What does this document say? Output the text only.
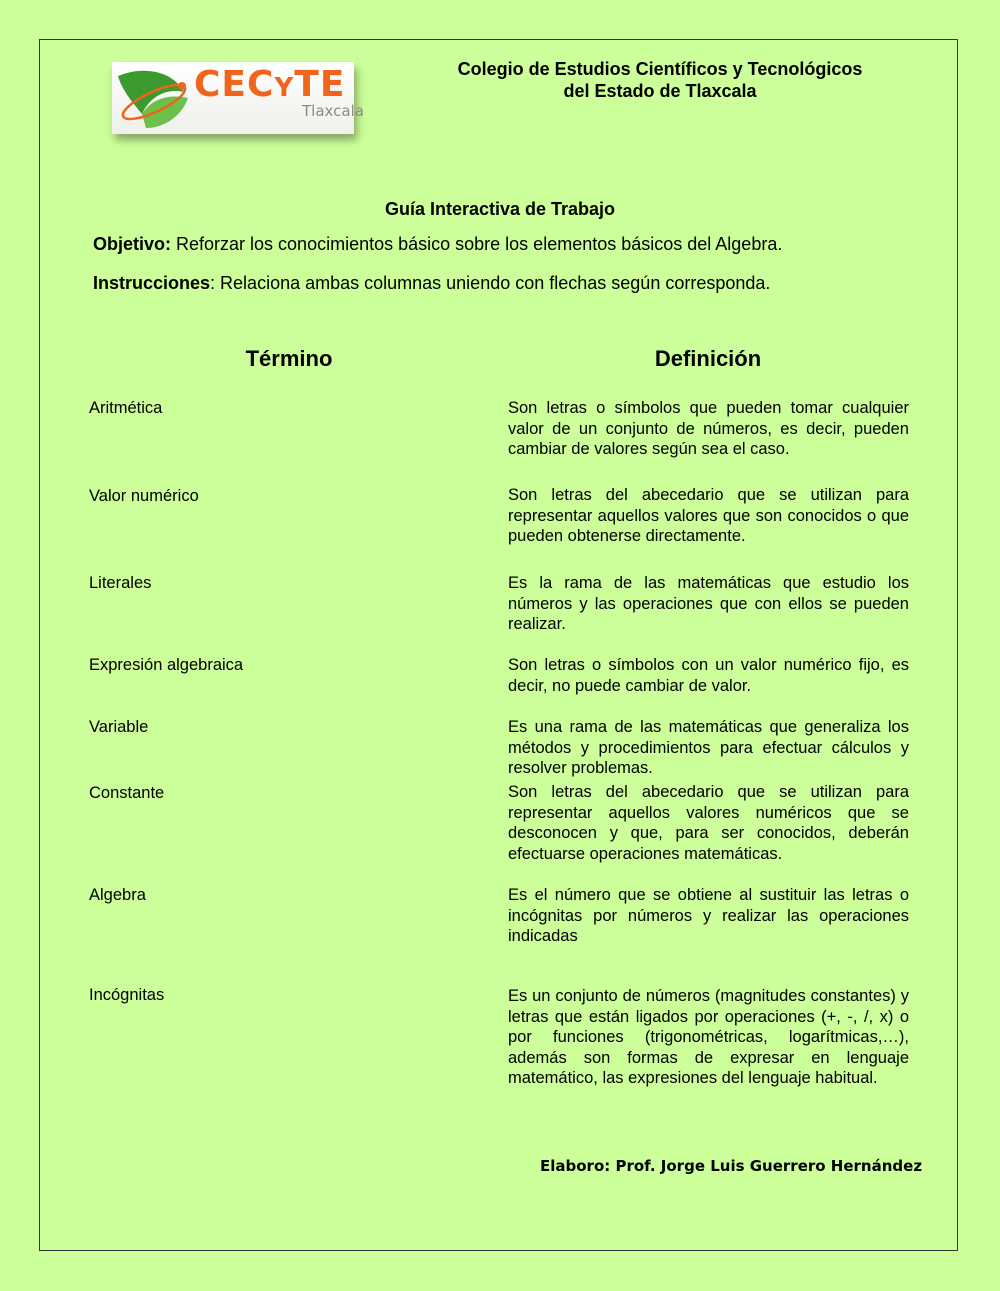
CECYTE
Tlaxcala
Colegio de Estudios Científicos y Tecnológicos
del Estado de Tlaxcala
Guía Interactiva de Trabajo
Objetivo: Reforzar los conocimientos básico sobre los elementos básicos del Algebra.
Instrucciones: Relaciona ambas columnas uniendo con flechas según corresponda.
Término	Definición
Aritmética
Valor numérico
Literales
Expresión algebraica
Variable
Constante
Algebra
Incógnitas
Son letras o símbolos que pueden tomar cualquier valor de un conjunto de números, es decir, pueden cambiar de valores según sea el caso.
Son letras del abecedario que se utilizan para representar aquellos valores que son conocidos o que pueden obtenerse directamente.
Es la rama de las matemáticas que estudio los números y las operaciones que con ellos se pueden realizar.
Son letras o símbolos con un valor numérico fijo, es decir, no puede cambiar de valor.
Es una rama de las matemáticas que generaliza los métodos y procedimientos para efectuar cálculos y resolver problemas.
Son letras del abecedario que se utilizan para representar aquellos valores numéricos que se desconocen y que, para ser conocidos, deberán efectuarse operaciones matemáticas.
Es el número que se obtiene al sustituir las letras o incógnitas por números y realizar las operaciones indicadas
Es un conjunto de números (magnitudes constantes) y letras que están ligados por operaciones (+, -, /, x) o por funciones (trigonométricas, logarítmicas,…), además son formas de expresar en lenguaje matemático, las expresiones del lenguaje habitual.
Elaboro: Prof. Jorge Luis Guerrero Hernández
